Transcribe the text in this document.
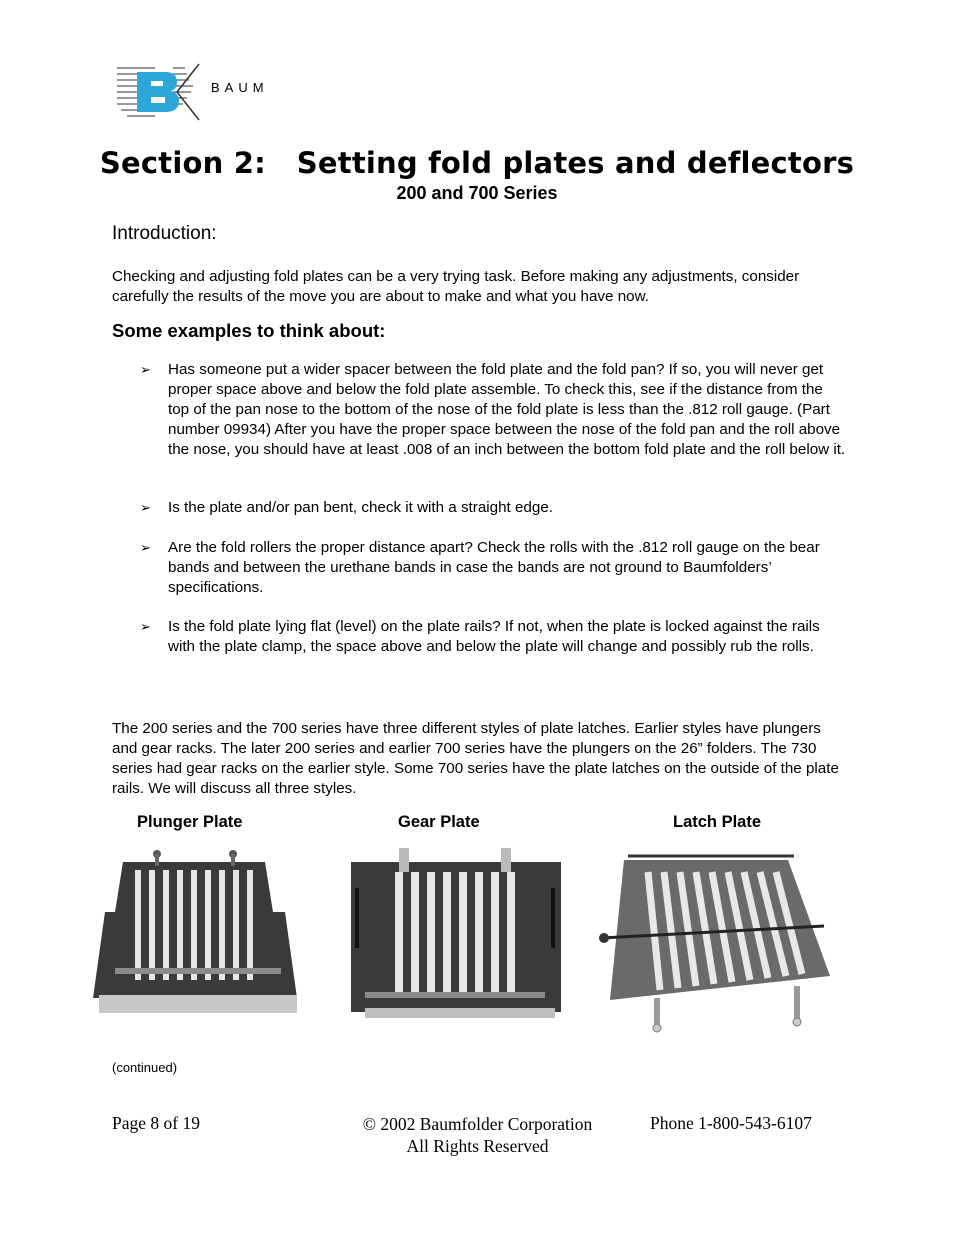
BAUM
Section 2:   Setting fold plates and deflectors
200 and 700 Series
Introduction:
Checking and adjusting fold plates can be a very trying task. Before making any adjustments, consider carefully the results of the move you are about to make and what you have now.
Some examples to think about:
➢ Has someone put a wider spacer between the fold plate and the fold pan? If so, you will never get proper space above and below the fold plate assemble. To check this, see if the distance from the top of the pan nose to the bottom of the nose of the fold plate is less than the .812 roll gauge. (Part number 09934) After you have the proper space between the nose of the fold pan and the roll above the nose, you should have at least .008 of an inch between the bottom fold plate and the roll below it.
➢ Is the plate and/or pan bent, check it with a straight edge.
➢ Are the fold rollers the proper distance apart? Check the rolls with the .812 roll gauge on the bear bands and between the urethane bands in case the bands are not ground to Baumfolders’ specifications.
➢ Is the fold plate lying flat (level) on the plate rails? If not, when the plate is locked against the rails with the plate clamp, the space above and below the plate will change and possibly rub the rolls.
The 200 series and the 700 series have three different styles of plate latches. Earlier styles have plungers and gear racks. The later 200 series and earlier 700 series have the plungers on the 26” folders. The 730 series had gear racks on the earlier style. Some 700 series have the plate latches on the outside of the plate rails. We will discuss all three styles.
Plunger Plate	Gear Plate	Latch Plate
(continued)
Page 8 of 19	© 2002 Baumfolder Corporation
All Rights Reserved
Phone 1-800-543-6107
